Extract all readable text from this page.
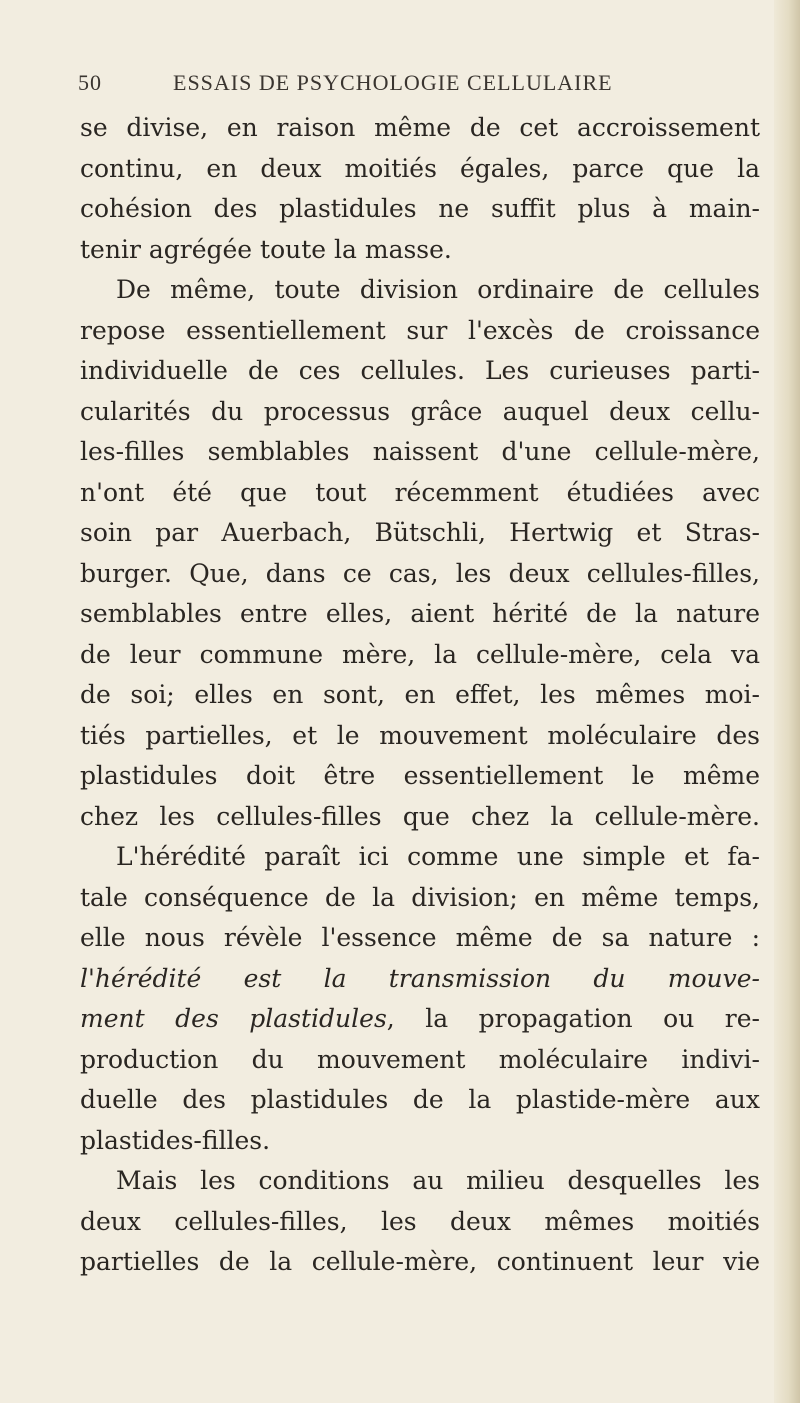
50	ESSAIS DE PSYCHOLOGIE CELLULAIRE
se divise, en raison même de cet accroissement
continu, en deux moitiés égales, parce que la
cohésion des plastidules ne suffit plus à main-
tenir agrégée toute la masse.
De même, toute division ordinaire de cellules
repose essentiellement sur l'excès de croissance
individuelle de ces cellules. Les curieuses parti-
cularités du processus grâce auquel deux cellu-
les-filles semblables naissent d'une cellule-mère,
n'ont été que tout récemment étudiées avec
soin par Auerbach, Bütschli, Hertwig et Stras-
burger. Que, dans ce cas, les deux cellules-filles,
semblables entre elles, aient hérité de la nature
de leur commune mère, la cellule-mère, cela va
de soi; elles en sont, en effet, les mêmes moi-
tiés partielles, et le mouvement moléculaire des
plastidules doit être essentiellement le même
chez les cellules-filles que chez la cellule-mère.
L'hérédité paraît ici comme une simple et fa-
tale conséquence de la division; en même temps,
elle nous révèle l'essence même de sa nature :
l'hérédité est la transmission du mouve-
ment des plastidules, la propagation ou re-
production du mouvement moléculaire indivi-
duelle des plastidules de la plastide-mère aux
plastides-filles.
Mais les conditions au milieu desquelles les
deux cellules-filles, les deux mêmes moitiés
partielles de la cellule-mère, continuent leur vie
